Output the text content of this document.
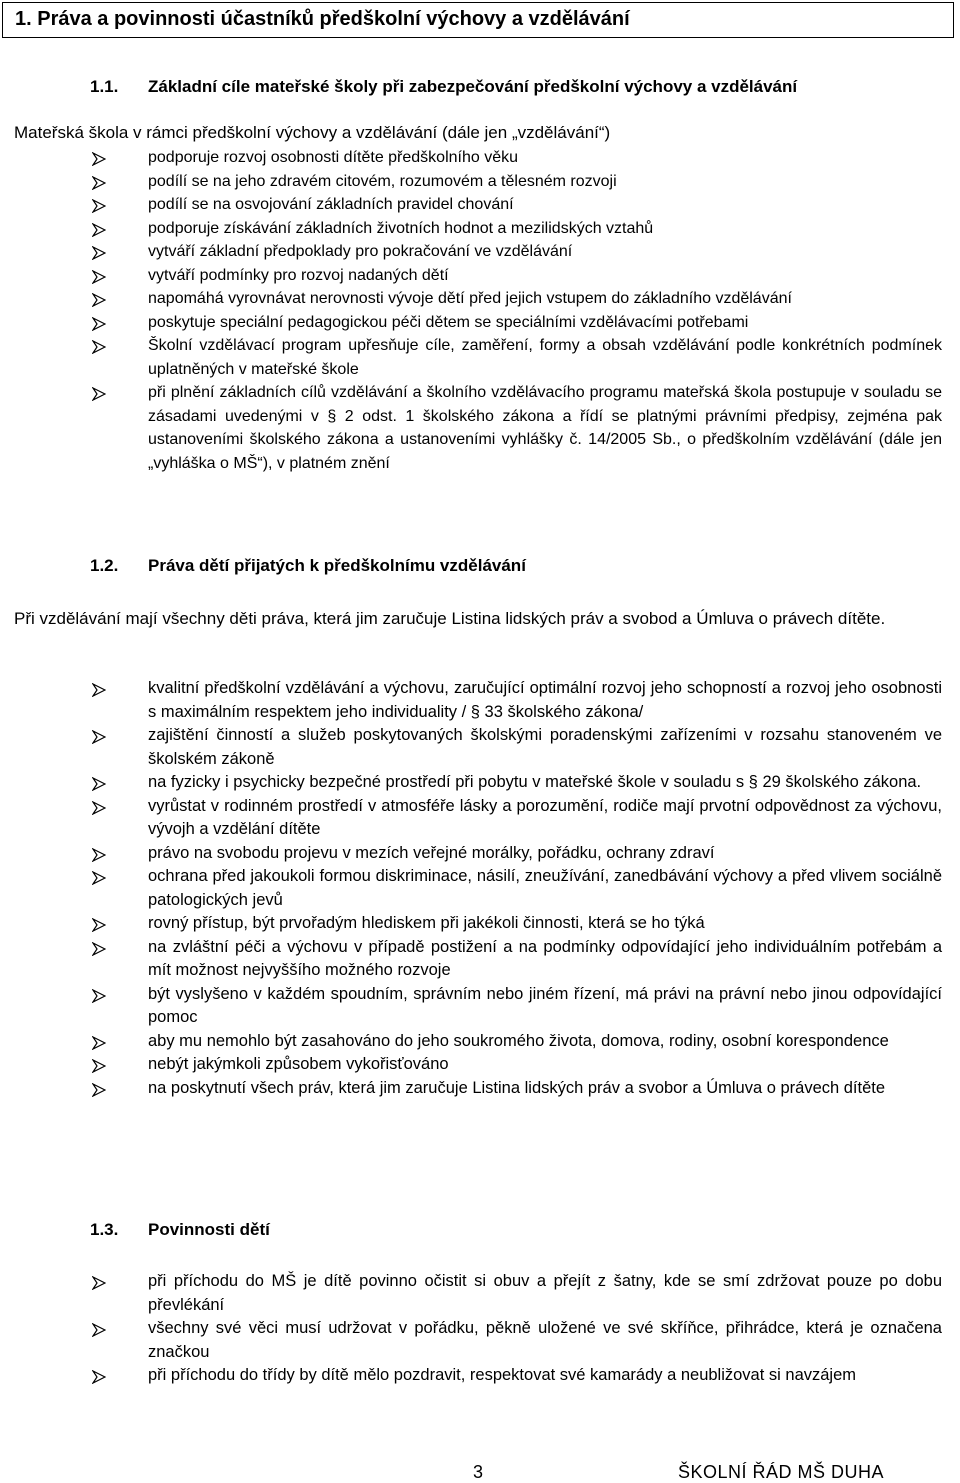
1. Práva a povinnosti účastníků předškolní výchovy a vzdělávání
1.1. Základní cíle mateřské školy při zabezpečování předškolní výchovy a vzdělávání
Mateřská škola v rámci předškolní výchovy a vzdělávání (dále jen „vzdělávání“)
podporuje rozvoj osobnosti dítěte předškolního věku
podílí se na jeho zdravém citovém, rozumovém a tělesném rozvoji
podílí se na osvojování základních pravidel chování
podporuje získávání základních životních hodnot a mezilidských vztahů
vytváří základní předpoklady pro pokračování ve vzdělávání
vytváří podmínky pro rozvoj nadaných dětí
napomáhá vyrovnávat nerovnosti vývoje dětí před jejich vstupem do základního vzdělávání
poskytuje speciální pedagogickou péči dětem se speciálními vzdělávacími potřebami
Školní vzdělávací program upřesňuje cíle, zaměření, formy a obsah vzdělávání podle konkrétních podmínek uplatněných v mateřské škole
při plnění základních cílů vzdělávání a školního vzdělávacího programu mateřská škola postupuje v souladu se zásadami uvedenými v § 2 odst. 1 školského zákona a řídí se platnými právními předpisy, zejména pak ustanoveními školského zákona a ustanoveními vyhlášky č. 14/2005 Sb., o předškolním vzdělávání (dále jen „vyhláška o MŠ“), v platném znění
1.2. Práva dětí přijatých k předškolnímu vzdělávání
Při vzdělávání mají všechny děti práva, která jim zaručuje Listina lidských práv a svobod a Úmluva o právech dítěte.
kvalitní předškolní vzdělávání a výchovu, zaručující optimální rozvoj jeho schopností a rozvoj jeho osobnosti s maximálním respektem jeho individuality / § 33 školského zákona/
zajištění činností a služeb poskytovaných školskými poradenskými zařízeními v rozsahu stanoveném ve školském zákoně
na fyzicky i psychicky bezpečné prostředí při pobytu v mateřské škole v souladu s § 29 školského zákona.
vyrůstat v rodinném prostředí v atmosféře lásky a porozumění, rodiče mají prvotní odpovědnost za výchovu, vývojh a vzdělání dítěte
právo na svobodu projevu v mezích veřejné morálky, pořádku, ochrany zdraví
ochrana před jakoukoli formou diskriminace, násilí, zneužívání, zanedbávání výchovy a před vlivem sociálně patologických jevů
rovný přístup, být prvořadým hlediskem při jakékoli činnosti, která se ho týká
na zvláštní péči a výchovu v případě postižení a na podmínky odpovídající jeho individuálním potřebám a mít možnost nejvyššího možného rozvoje
být vyslyšeno v každém spoudním, správním nebo jiném řízení, má právi na právní nebo jinou odpovídající pomoc
aby mu nemohlo být zasahováno do jeho soukromého života, domova, rodiny, osobní korespondence
nebýt jakýmkoli způsobem vykořisťováno
na poskytnutí všech práv, která jim zaručuje Listina lidských práv a svobor a Úmluva o právech dítěte
1.3. Povinnosti dětí
při příchodu do MŠ je dítě povinno očistit si obuv a přejít z šatny, kde se smí zdržovat pouze po dobu převlékání
všechny své věci musí udržovat v pořádku, pěkně uložené ve své skříňce, přihrádce, která je označena značkou
při příchodu do třídy by dítě mělo pozdravit, respektovat své kamarády a neubližovat si navzájem
3	ŠKOLNÍ ŘÁD MŠ DUHA
